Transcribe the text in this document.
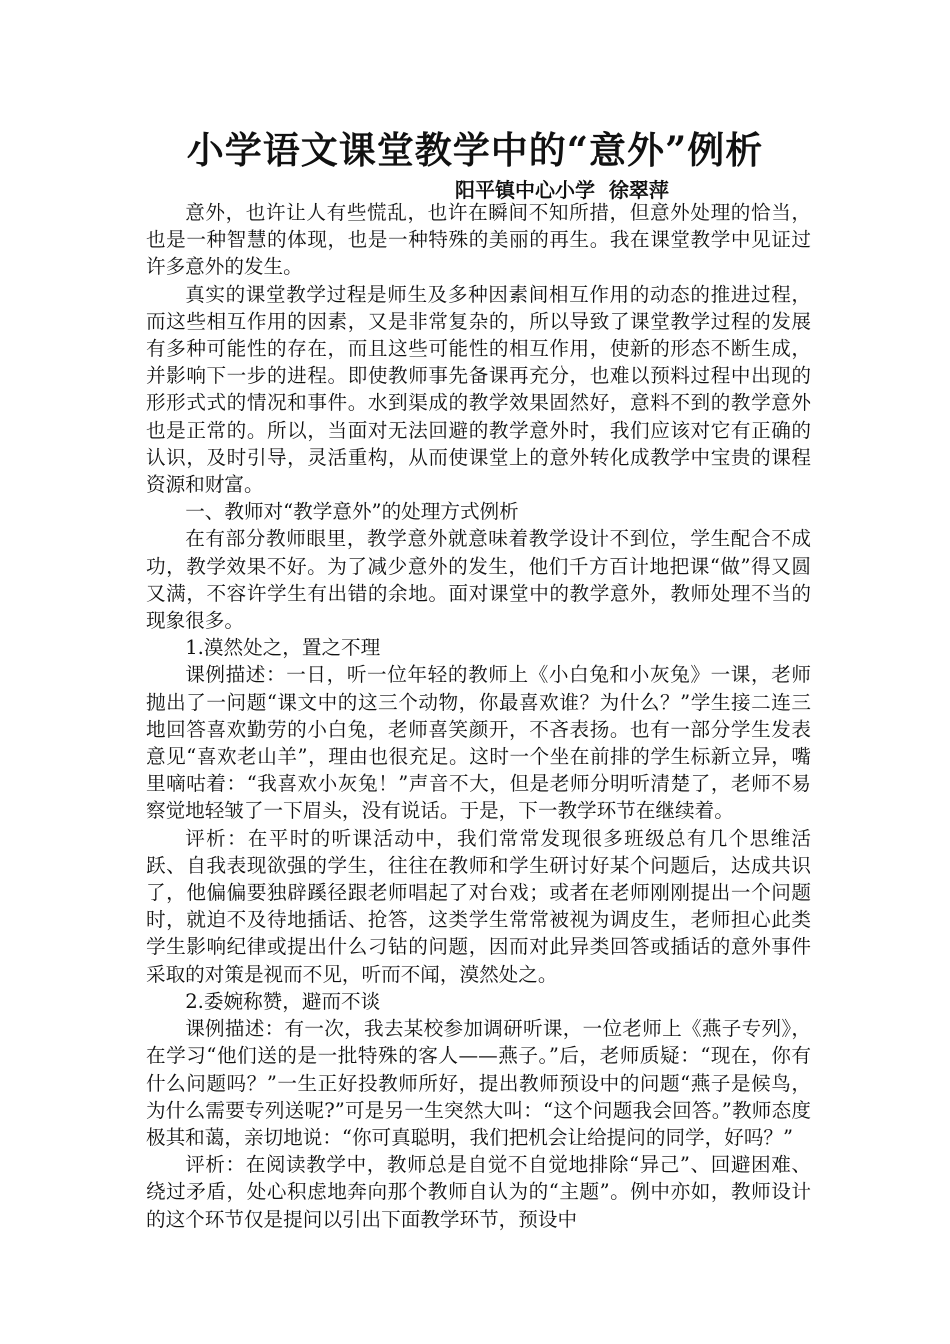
小学语文课堂教学中的“意外”例析
阳平镇中心小学  徐翠萍

意外，也许让人有些慌乱，也许在瞬间不知所措，但意外处理的恰当，也是一种智慧的体现，也是一种特殊的美丽的再生。我在课堂教学中见证过许多意外的发生。

真实的课堂教学过程是师生及多种因素间相互作用的动态的推进过程，而这些相互作用的因素，又是非常复杂的，所以导致了课堂教学过程的发展有多种可能性的存在，而且这些可能性的相互作用，使新的形态不断生成，并影响下一步的进程。即使教师事先备课再充分，也难以预料过程中出现的形形式式的情况和事件。水到渠成的教学效果固然好，意料不到的教学意外也是正常的。所以，当面对无法回避的教学意外时，我们应该对它有正确的认识，及时引导，灵活重构，从而使课堂上的意外转化成教学中宝贵的课程资源和财富。

一、教师对“教学意外”的处理方式例析

在有部分教师眼里，教学意外就意味着教学设计不到位，学生配合不成功，教学效果不好。为了减少意外的发生，他们千方百计地把课“做”得又圆又满，不容许学生有出错的余地。面对课堂中的教学意外，教师处理不当的现象很多。

1.漠然处之，置之不理

课例描述：一日，听一位年轻的教师上《小白兔和小灰兔》一课，老师抛出了一问题“课文中的这三个动物，你最喜欢谁？为什么？”学生接二连三地回答喜欢勤劳的小白兔，老师喜笑颜开，不吝表扬。也有一部分学生发表意见“喜欢老山羊”，理由也很充足。这时一个坐在前排的学生标新立异，嘴里嘀咕着：“我喜欢小灰兔！”声音不大，但是老师分明听清楚了，老师不易察觉地轻皱了一下眉头，没有说话。于是，下一教学环节在继续着。

评析：在平时的听课活动中，我们常常发现很多班级总有几个思维活跃、自我表现欲强的学生，往往在教师和学生研讨好某个问题后，达成共识了，他偏偏要独辟蹊径跟老师唱起了对台戏；或者在老师刚刚提出一个问题时，就迫不及待地插话、抢答，这类学生常常被视为调皮生，老师担心此类学生影响纪律或提出什么刁钻的问题，因而对此异类回答或插话的意外事件采取的对策是视而不见，听而不闻，漠然处之。

2.委婉称赞，避而不谈

课例描述：有一次，我去某校参加调研听课，一位老师上《燕子专列》，在学习“他们送的是一批特殊的客人——燕子。”后，老师质疑：“现在，你有什么问题吗？”一生正好投教师所好，提出教师预设中的问题“燕子是候鸟，为什么需要专列送呢?”可是另一生突然大叫：“这个问题我会回答。”教师态度极其和蔼，亲切地说：“你可真聪明，我们把机会让给提问的同学，好吗？”

评析：在阅读教学中，教师总是自觉不自觉地排除“异己”、回避困难、绕过矛盾，处心积虑地奔向那个教师自认为的“主题”。例中亦如，教师设计的这个环节仅是提问以引出下面教学环节，预设中
